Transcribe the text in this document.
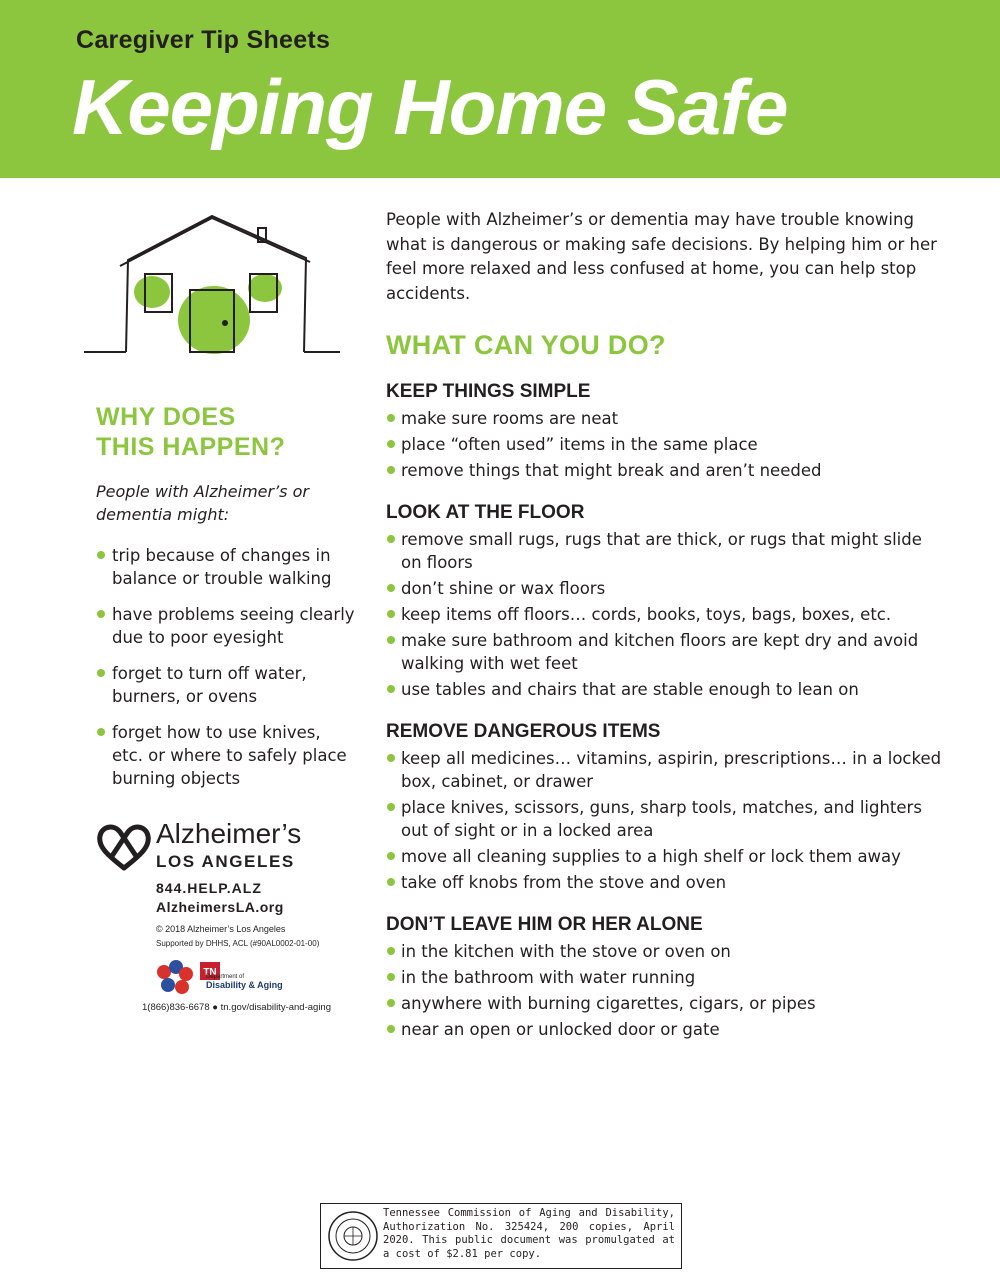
Caregiver Tip Sheets
Keeping Home Safe
WHY DOES
THIS HAPPEN?
People with Alzheimer’s or dementia might:
trip because of changes in balance or trouble walking
have problems seeing clearly due to poor eyesight
forget to turn off water, burners, or ovens
forget how to use knives, etc. or where to safely place burning objects
Alzheimer’s
LOS ANGELES
844.HELP.ALZ
AlzheimersLA.org
© 2018 Alzheimer’s Los Angeles
Supported by DHHS, ACL (#90AL0002-01-00)
TN
Department of
Disability & Aging
1(866)836-6678 ● tn.gov/disability-and-aging

People with Alzheimer’s or dementia may have trouble knowing what is dangerous or making safe decisions. By helping him or her feel more relaxed and less confused at home, you can help stop accidents.

WHAT CAN YOU DO?
KEEP THINGS SIMPLE
make sure rooms are neat
place “often used” items in the same place
remove things that might break and aren’t needed
LOOK AT THE FLOOR
remove small rugs, rugs that are thick, or rugs that might slide on floors
don’t shine or wax floors
keep items off floors… cords, books, toys, bags, boxes, etc.
make sure bathroom and kitchen floors are kept dry and avoid walking with wet feet
use tables and chairs that are stable enough to lean on
REMOVE DANGEROUS ITEMS
keep all medicines… vitamins, aspirin, prescriptions… in a locked box, cabinet, or drawer
place knives, scissors, guns, sharp tools, matches, and lighters out of sight or in a locked area
move all cleaning supplies to a high shelf or lock them away
take off knobs from the stove and oven
DON’T LEAVE HIM OR HER ALONE
in the kitchen with the stove or oven on
in the bathroom with water running
anywhere with burning cigarettes, cigars, or pipes
near an open or unlocked door or gate
Tennessee Commission of Aging and Disability, Authorization No. 325424, 200 copies, April 2020. This public document was promulgated at a cost of $2.81 per copy.
